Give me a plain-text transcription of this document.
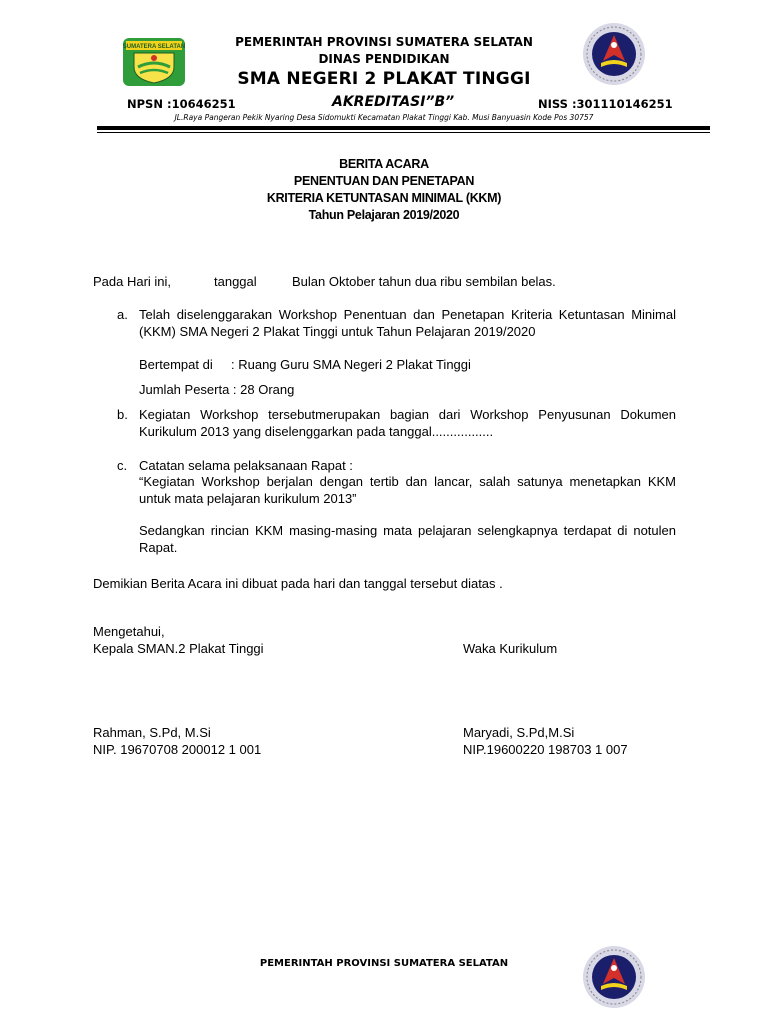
SUMATERA SELATAN	PEMERINTAH PROVINSI SUMATERA SELATAN
DINAS PENDIDIKAN
SMA NEGERI 2 PLAKAT TINGGI
NPSN :10646251	AKREDITASI”B”	NISS :301110146251
JL.Raya Pangeran Pekik Nyaring Desa Sidomukti Kecamatan Plakat Tinggi Kab. Musi Banyuasin Kode Pos 30757
BERITA ACARA
PENENTUAN DAN PENETAPAN
KRITERIA KETUNTASAN MINIMAL (KKM)
Tahun Pelajaran 2019/2020
Pada Hari ini,	tanggal	Bulan Oktober tahun dua ribu sembilan belas.
a. Telah diselenggarakan Workshop Penentuan dan Penetapan Kriteria Ketuntasan Minimal (KKM) SMA Negeri 2 Plakat Tinggi untuk Tahun Pelajaran 2019/2020
Bertempat di : Ruang Guru SMA Negeri 2 Plakat Tinggi
Jumlah Peserta : 28 Orang
b. Kegiatan Workshop tersebutmerupakan bagian dari Workshop Penyusunan Dokumen Kurikulum 2013 yang diselenggarkan pada tanggal.................
c. Catatan selama pelaksanaan Rapat :
“Kegiatan Workshop berjalan dengan tertib dan lancar, salah satunya menetapkan KKM untuk mata pelajaran kurikulum 2013”
Sedangkan rincian KKM masing-masing mata pelajaran selengkapnya terdapat di notulen Rapat.
Demikian Berita Acara ini dibuat pada hari dan tanggal tersebut diatas .
Mengetahui,
Kepala SMAN.2 Plakat Tinggi	Waka Kurikulum
Rahman, S.Pd, M.Si
NIP. 19670708 200012 1 001
Maryadi, S.Pd,M.Si
NIP.19600220 198703 1 007
PEMERINTAH PROVINSI SUMATERA SELATAN
